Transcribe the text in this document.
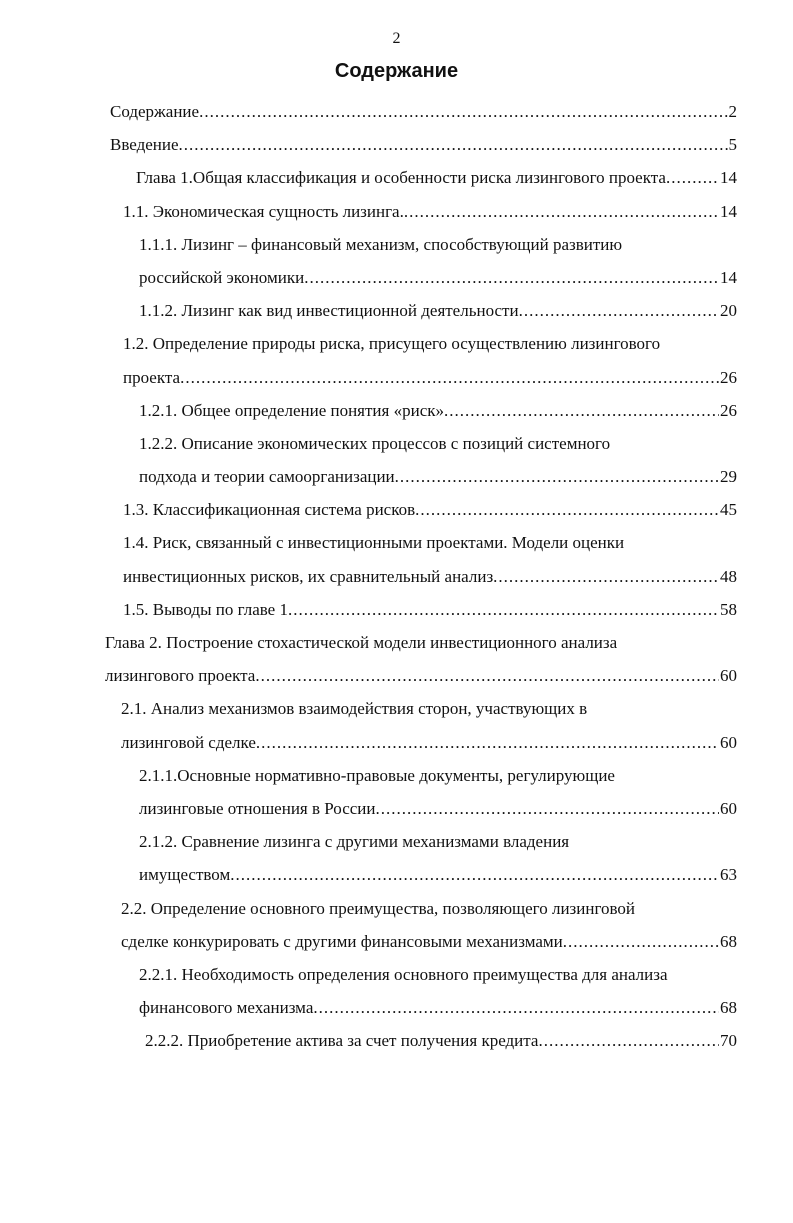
2
Содержание
Содержание .....	2
Введение .....	5
Глава 1.Общая классификация и особенности риска лизингового проекта .....	14
1.1. Экономическая сущность лизинга. .....	14
1.1.1. Лизинг – финансовый механизм, способствующий развитию
российской экономики .....	14
1.1.2. Лизинг как вид инвестиционной деятельности .....	20
1.2. Определение природы риска, присущего осуществлению лизингового
проекта .....	26
1.2.1. Общее определение понятия «риск» .....	26
1.2.2. Описание экономических процессов с позиций системного
подхода и теории самоорганизации .....	29
1.3. Классификационная система рисков .....	45
1.4. Риск, связанный с инвестиционными проектами. Модели оценки
инвестиционных рисков, их сравнительный анализ .....	48
1.5. Выводы по главе 1 .....	58
Глава 2. Построение стохастической модели инвестиционного анализа
лизингового проекта .....	60
2.1. Анализ механизмов взаимодействия сторон, участвующих в
лизинговой сделке .....	60
2.1.1.Основные нормативно-правовые документы, регулирующие
лизинговые отношения в России .....	60
2.1.2. Сравнение лизинга с другими механизмами владения
имуществом .....	63
2.2. Определение основного преимущества, позволяющего лизинговой
сделке конкурировать с другими финансовыми механизмами .....	68
2.2.1. Необходимость определения основного преимущества для анализа
финансового механизма .....	68
2.2.2. Приобретение актива за счет получения кредита .....	70
